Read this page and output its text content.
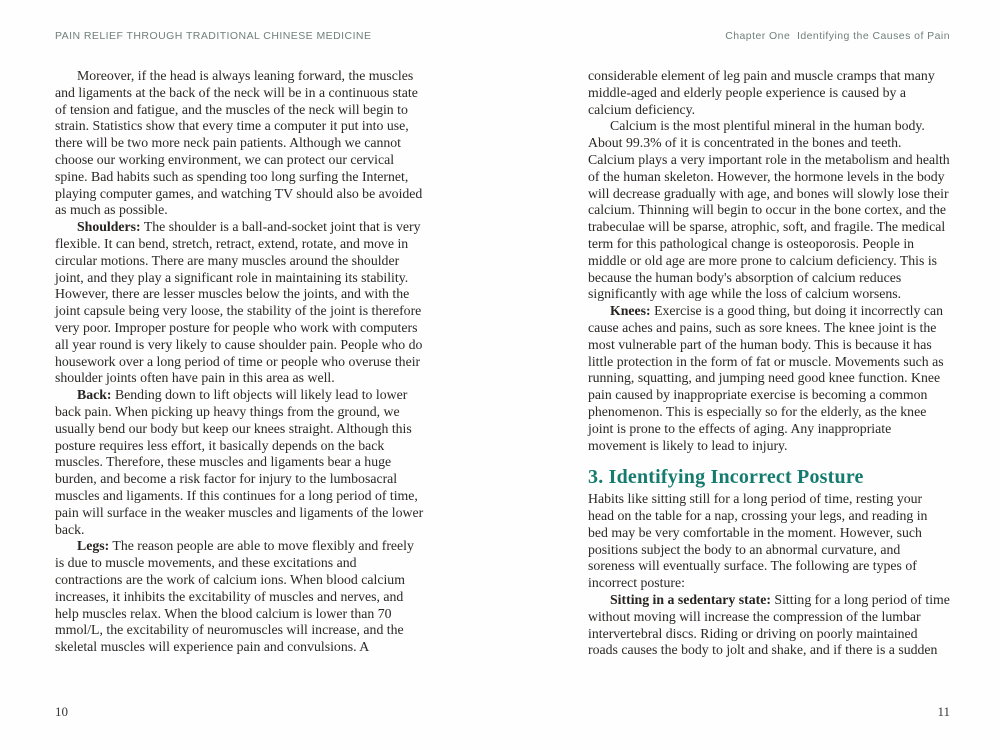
PAIN RELIEF THROUGH TRADITIONAL CHINESE MEDICINE

Moreover, if the head is always leaning forward, the muscles and ligaments at the back of the neck will be in a continuous state of tension and fatigue, and the muscles of the neck will begin to strain. Statistics show that every time a computer it put into use, there will be two more neck pain patients. Although we cannot choose our working environment, we can protect our cervical spine. Bad habits such as spending too long surfing the Internet, playing computer games, and watching TV should also be avoided as much as possible.

Shoulders: The shoulder is a ball-and-socket joint that is very flexible. It can bend, stretch, retract, extend, rotate, and move in circular motions. There are many muscles around the shoulder joint, and they play a significant role in maintaining its stability. However, there are lesser muscles below the joints, and with the joint capsule being very loose, the stability of the joint is therefore very poor. Improper posture for people who work with computers all year round is very likely to cause shoulder pain. People who do housework over a long period of time or people who overuse their shoulder joints often have pain in this area as well.

Back: Bending down to lift objects will likely lead to lower back pain. When picking up heavy things from the ground, we usually bend our body but keep our knees straight. Although this posture requires less effort, it basically depends on the back muscles. Therefore, these muscles and ligaments bear a huge burden, and become a risk factor for injury to the lumbosacral muscles and ligaments. If this continues for a long period of time, pain will surface in the weaker muscles and ligaments of the lower back.

Legs: The reason people are able to move flexibly and freely is due to muscle movements, and these excitations and contractions are the work of calcium ions. When blood calcium increases, it inhibits the excitability of muscles and nerves, and help muscles relax. When the blood calcium is lower than 70 mmol/L, the excitability of neuromuscles will increase, and the skeletal muscles will experience pain and convulsions. A

Chapter One  Identifying the Causes of Pain

considerable element of leg pain and muscle cramps that many middle-aged and elderly people experience is caused by a calcium deficiency.

Calcium is the most plentiful mineral in the human body. About 99.3% of it is concentrated in the bones and teeth. Calcium plays a very important role in the metabolism and health of the human skeleton. However, the hormone levels in the body will decrease gradually with age, and bones will slowly lose their calcium. Thinning will begin to occur in the bone cortex, and the trabeculae will be sparse, atrophic, soft, and fragile. The medical term for this pathological change is osteoporosis. People in middle or old age are more prone to calcium deficiency. This is because the human body's absorption of calcium reduces significantly with age while the loss of calcium worsens.

Knees: Exercise is a good thing, but doing it incorrectly can cause aches and pains, such as sore knees. The knee joint is the most vulnerable part of the human body. This is because it has little protection in the form of fat or muscle. Movements such as running, squatting, and jumping need good knee function. Knee pain caused by inappropriate exercise is becoming a common phenomenon. This is especially so for the elderly, as the knee joint is prone to the effects of aging. Any inappropriate movement is likely to lead to injury.

3. Identifying Incorrect Posture

Habits like sitting still for a long period of time, resting your head on the table for a nap, crossing your legs, and reading in bed may be very comfortable in the moment. However, such positions subject the body to an abnormal curvature, and soreness will eventually surface. The following are types of incorrect posture:

Sitting in a sedentary state: Sitting for a long period of time without moving will increase the compression of the lumbar intervertebral discs. Riding or driving on poorly maintained roads causes the body to jolt and shake, and if there is a sudden

10	11
